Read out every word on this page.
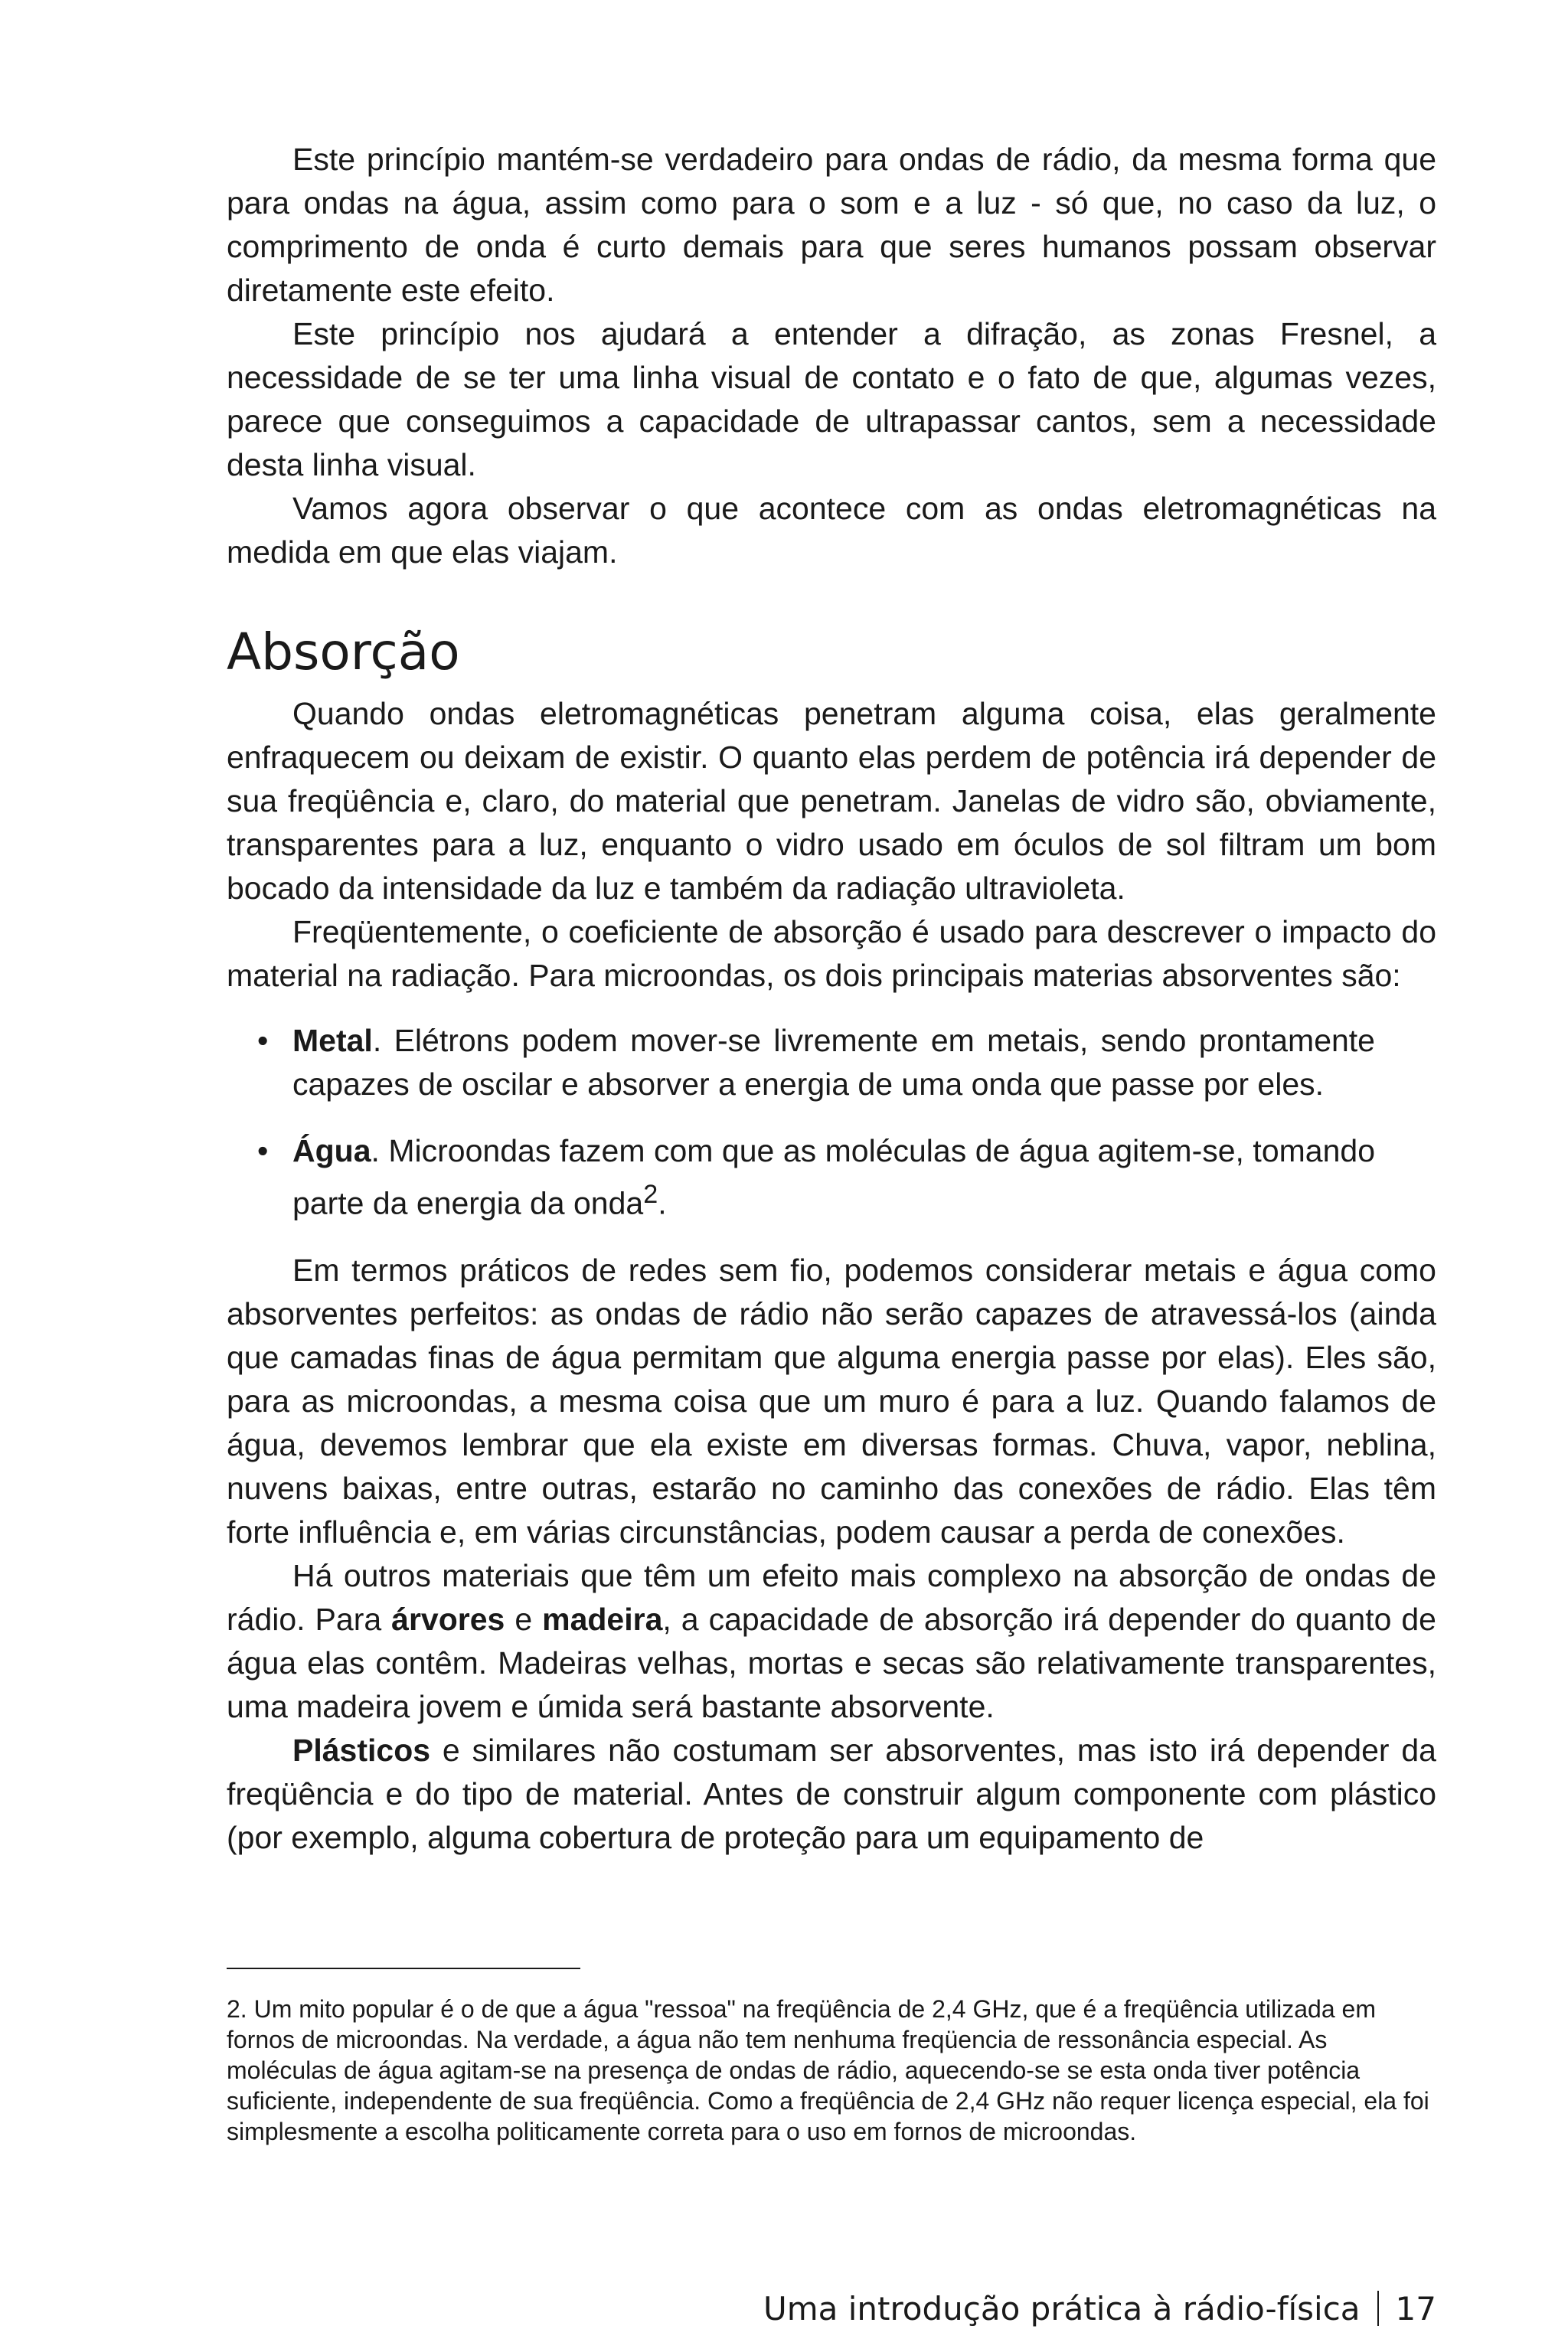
Este princípio mantém-se verdadeiro para ondas de rádio, da mesma forma que para ondas na água, assim como para o som e a luz - só que, no caso da luz, o comprimento de onda é curto demais para que seres humanos possam observar diretamente este efeito.

Este princípio nos ajudará a entender a difração, as zonas Fresnel, a necessidade de se ter uma linha visual de contato e o fato de que, algumas vezes, parece que conseguimos a capacidade de ultrapassar cantos, sem a necessidade desta linha visual.

Vamos agora observar o que acontece com as ondas eletromagnéticas na medida em que elas viajam.

Absorção

Quando ondas eletromagnéticas penetram alguma coisa, elas geralmente enfraquecem ou deixam de existir. O quanto elas perdem de potência irá depender de sua freqüência e, claro, do material que penetram. Janelas de vidro são, obviamente, transparentes para a luz, enquanto o vidro usado em óculos de sol filtram um bom bocado da intensidade da luz e também da radiação ultravioleta.

Freqüentemente, o coeficiente de absorção é usado para descrever o impacto do material na radiação. Para microondas, os dois principais materias absorventes são:

• Metal. Elétrons podem mover-se livremente em metais, sendo prontamente capazes de oscilar e absorver a energia de uma onda que passe por eles.
• Água. Microondas fazem com que as moléculas de água agitem-se, tomando parte da energia da onda$^2$.

Em termos práticos de redes sem fio, podemos considerar metais e água como absorventes perfeitos: as ondas de rádio não serão capazes de atravessá-los (ainda que camadas finas de água permitam que alguma energia passe por elas). Eles são, para as microondas, a mesma coisa que um muro é para a luz. Quando falamos de água, devemos lembrar que ela existe em diversas formas. Chuva, vapor, neblina, nuvens baixas, entre outras, estarão no caminho das conexões de rádio. Elas têm forte influência e, em várias circunstâncias, podem causar a perda de conexões.

Há outros materiais que têm um efeito mais complexo na absorção de ondas de rádio. Para árvores e madeira, a capacidade de absorção irá depender do quanto de água elas contêm. Madeiras velhas, mortas e secas são relativamente transparentes, uma madeira jovem e úmida será bastante absorvente.

Plásticos e similares não costumam ser absorventes, mas isto irá depender da freqüência e do tipo de material. Antes de construir algum componente com plástico (por exemplo, alguma cobertura de proteção para um equipamento de

2. Um mito popular é o de que a água "ressoa" na freqüência de 2,4 GHz, que é a freqüência utilizada em fornos de microondas. Na verdade, a água não tem nenhuma freqüencia de ressonância especial. As moléculas de água agitam-se na presença de ondas de rádio, aquecendo-se se esta onda tiver potência suficiente, independente de sua freqüência. Como a freqüência de 2,4 GHz não requer licença especial, ela foi simplesmente a escolha politicamente correta para o uso em fornos de microondas.
Uma introdução prática à rádio-física 17
